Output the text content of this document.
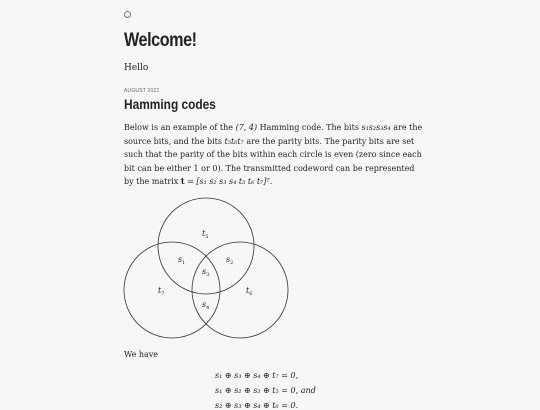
Welcome!
Hello
AUGUST 2022
Hamming codes
Below is an example of the (7, 4) Hamming code. The bits s₁s₂s₃s₄ are the source bits, and the bits t₅t₆t₇ are the parity bits. The parity bits are set such that the parity of the bits within each circle is even (zero since each bit can be either 1 or 0). The transmitted codeword can be represented by the matrix t = [s₁ s₂ s₃ s₄ t₅ t₆ t₇]ᵀ.
$t_5$
$s_1$	$s_2$
$s_3$
$t_7$	$t_6$
$s_4$
We have
s₁ ⊕ s₃ ⊕ s₄ ⊕ t₇ = 0,
s₁ ⊕ s₂ ⊕ s₃ ⊕ t₅ = 0, and
s₂ ⊕ s₃ ⊕ s₄ ⊕ t₆ = 0.
